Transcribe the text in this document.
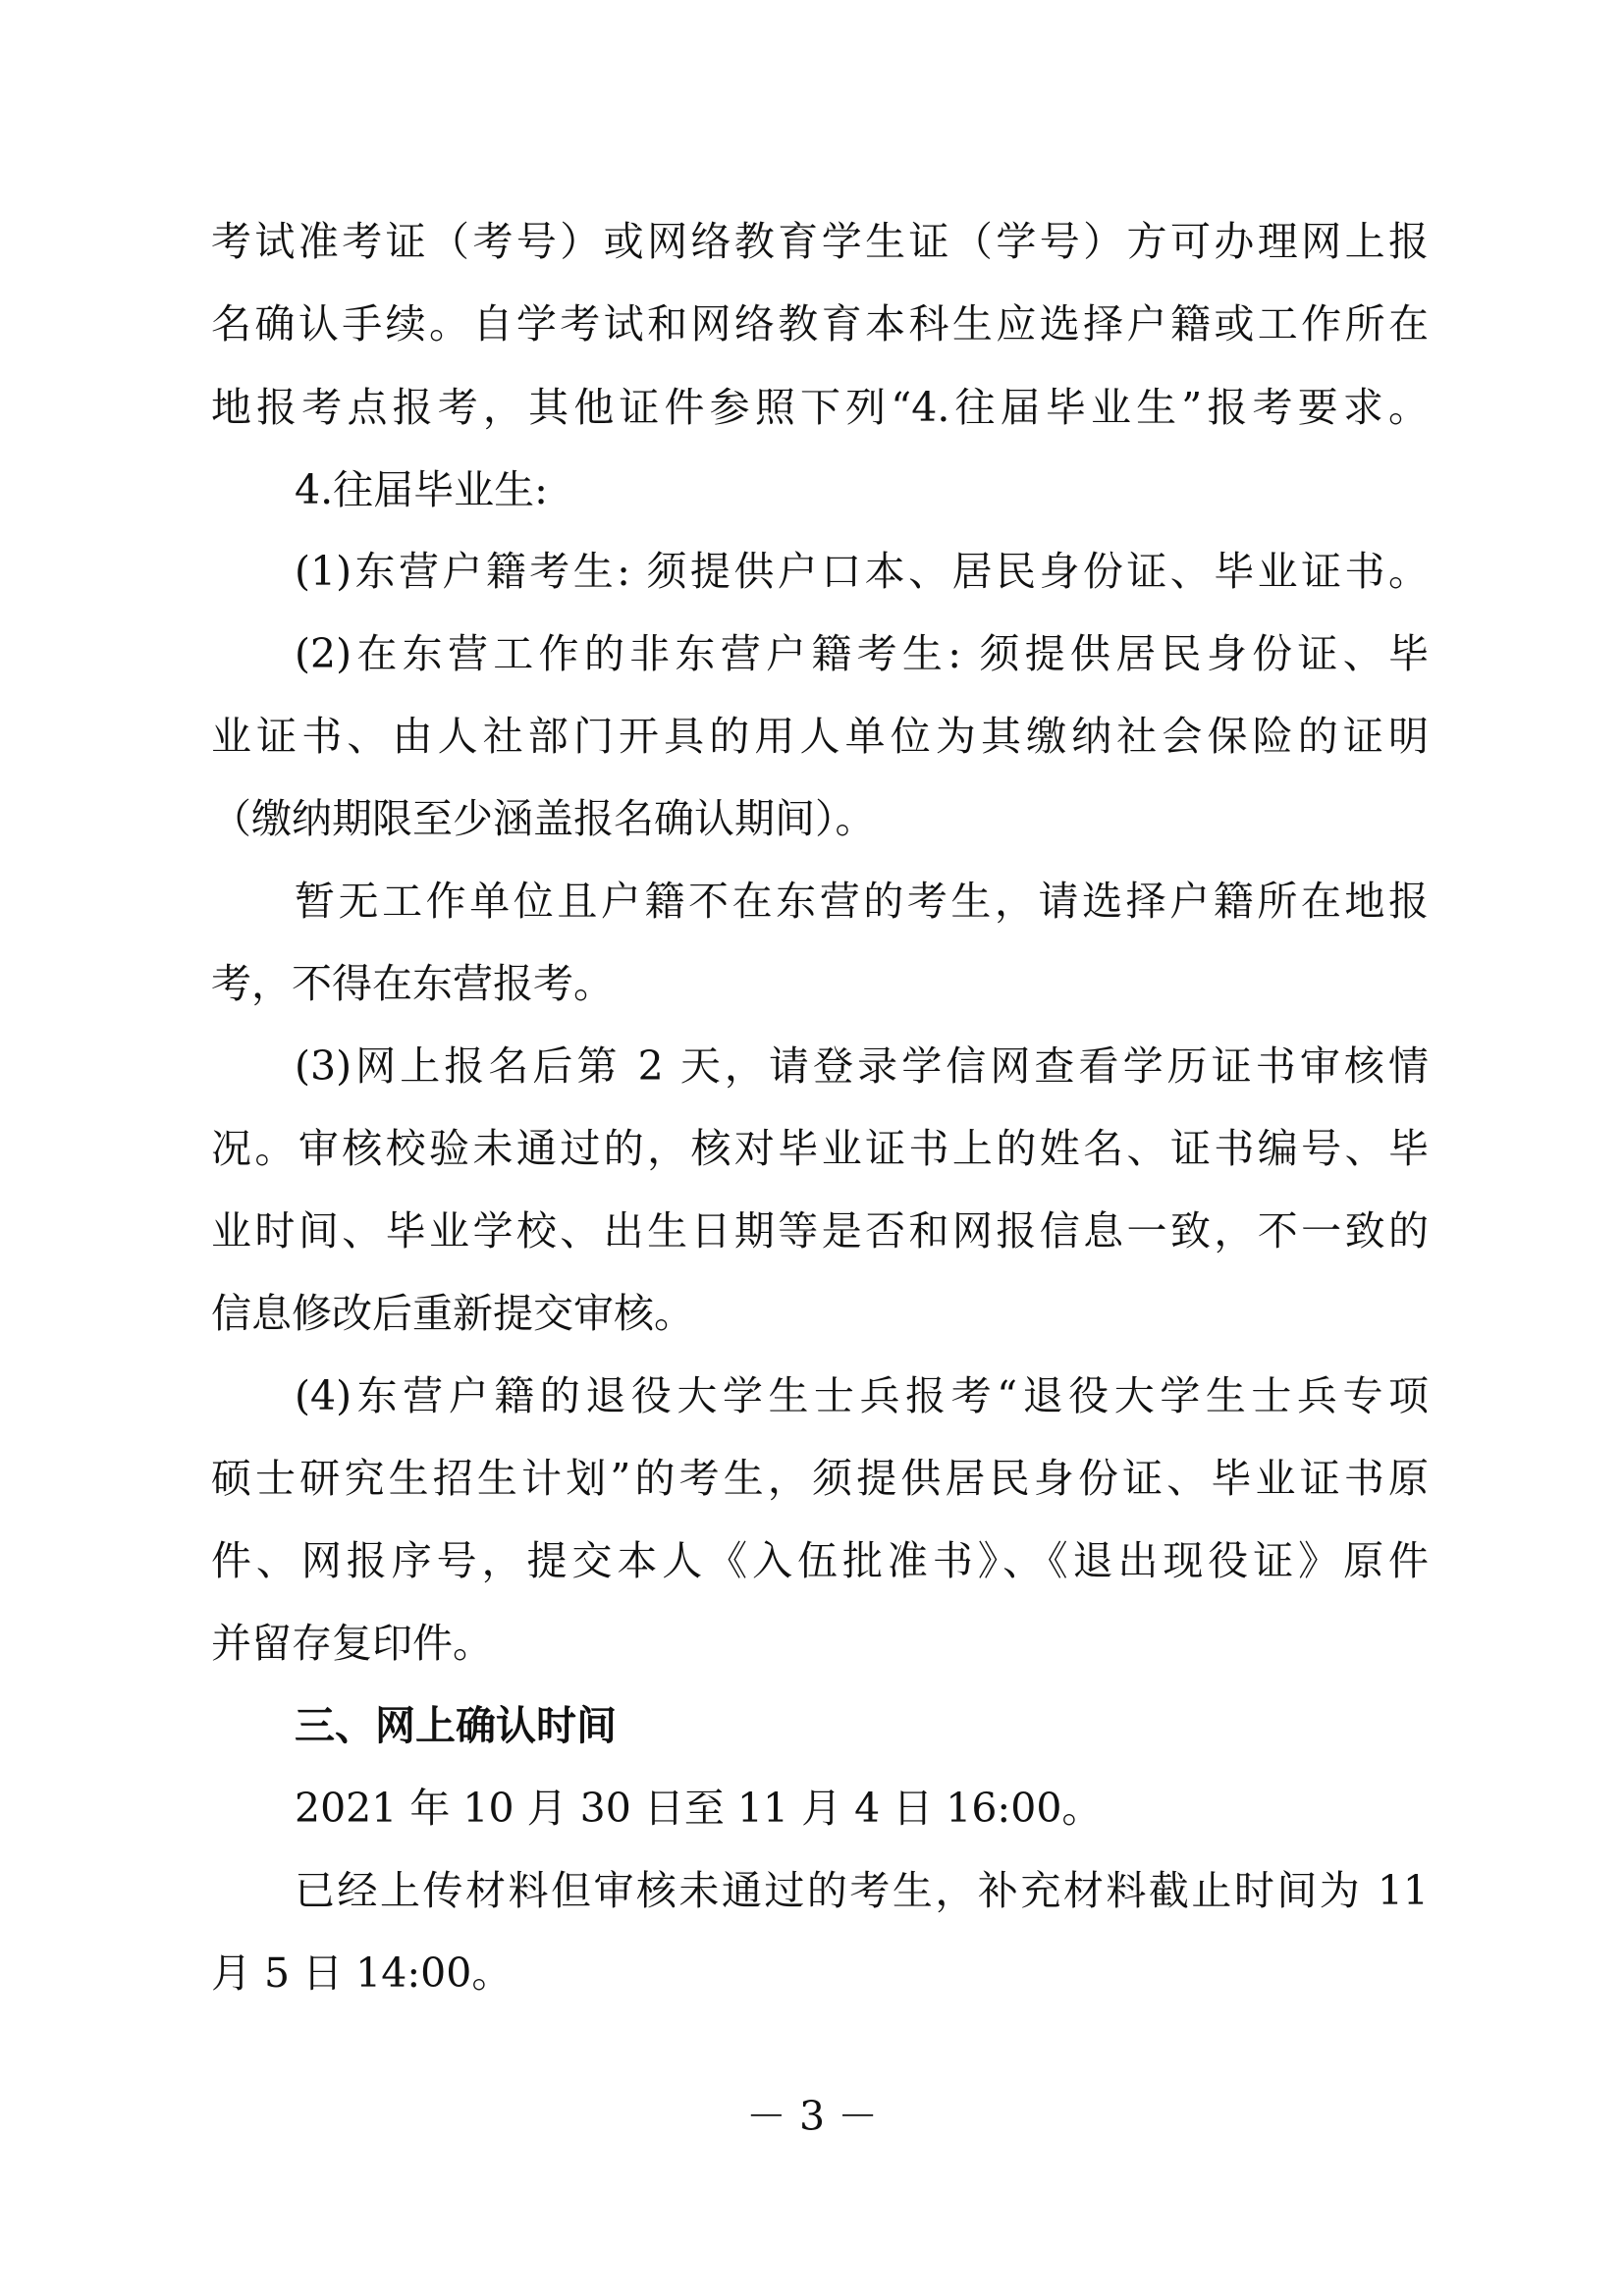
考试准考证（考号）或网络教育学生证（学号）方可办理网上报
名确认手续。自学考试和网络教育本科生应选择户籍或工作所在
地报考点报考，其他证件参照下列“4.往届毕业生”报考要求。
4.往届毕业生:
(1)东营户籍考生: 须提供户口本、居民身份证、毕业证书。
(2)在东营工作的非东营户籍考生: 须提供居民身份证、毕
业证书、由人社部门开具的用人单位为其缴纳社会保险的证明
（缴纳期限至少涵盖报名确认期间）。
暂无工作单位且户籍不在东营的考生，请选择户籍所在地报
考，不得在东营报考。
(3)网上报名后第 2 天，请登录学信网查看学历证书审核情
况。审核校验未通过的，核对毕业证书上的姓名、证书编号、毕
业时间、毕业学校、出生日期等是否和网报信息一致，不一致的
信息修改后重新提交审核。
(4)东营户籍的退役大学生士兵报考“退役大学生士兵专项
硕士研究生招生计划”的考生，须提供居民身份证、毕业证书原
件、网报序号，提交本人《入伍批准书》、《退出现役证》原件
并留存复印件。
三、网上确认时间
2021 年 10 月 30 日至 11 月 4 日 16:00。
已经上传材料但审核未通过的考生，补充材料截止时间为 11
月 5 日 14:00。
－ 3 －
